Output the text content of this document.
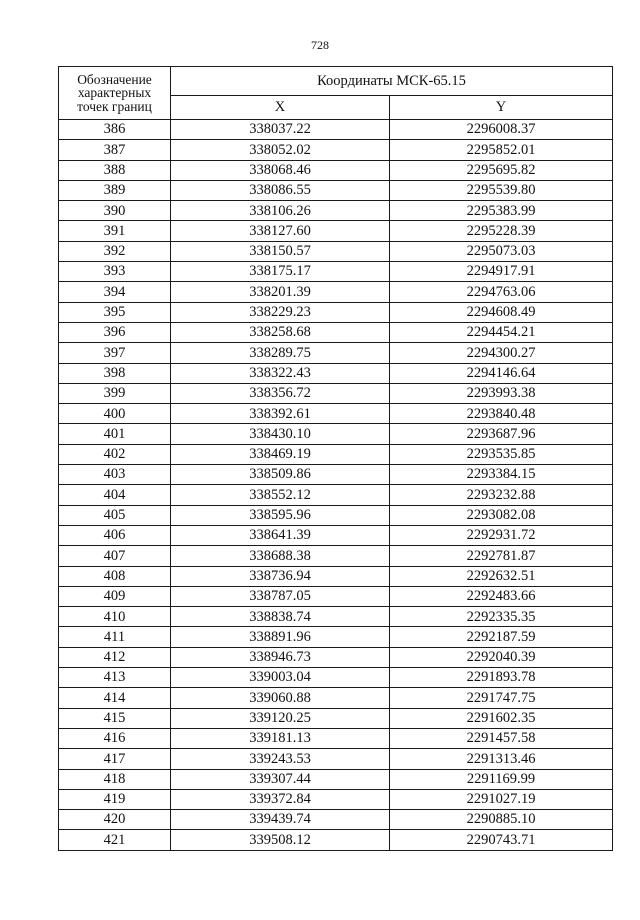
728
Обозначение
характерных
точек границ	Координаты МСК-65.15	
	X	Y
386	338037.22	2296008.37
387	338052.02	2295852.01
388	338068.46	2295695.82
389	338086.55	2295539.80
390	338106.26	2295383.99
391	338127.60	2295228.39
392	338150.57	2295073.03
393	338175.17	2294917.91
394	338201.39	2294763.06
395	338229.23	2294608.49
396	338258.68	2294454.21
397	338289.75	2294300.27
398	338322.43	2294146.64
399	338356.72	2293993.38
400	338392.61	2293840.48
401	338430.10	2293687.96
402	338469.19	2293535.85
403	338509.86	2293384.15
404	338552.12	2293232.88
405	338595.96	2293082.08
406	338641.39	2292931.72
407	338688.38	2292781.87
408	338736.94	2292632.51
409	338787.05	2292483.66
410	338838.74	2292335.35
411	338891.96	2292187.59
412	338946.73	2292040.39
413	339003.04	2291893.78
414	339060.88	2291747.75
415	339120.25	2291602.35
416	339181.13	2291457.58
417	339243.53	2291313.46
418	339307.44	2291169.99
419	339372.84	2291027.19
420	339439.74	2290885.10
421	339508.12	2290743.71
